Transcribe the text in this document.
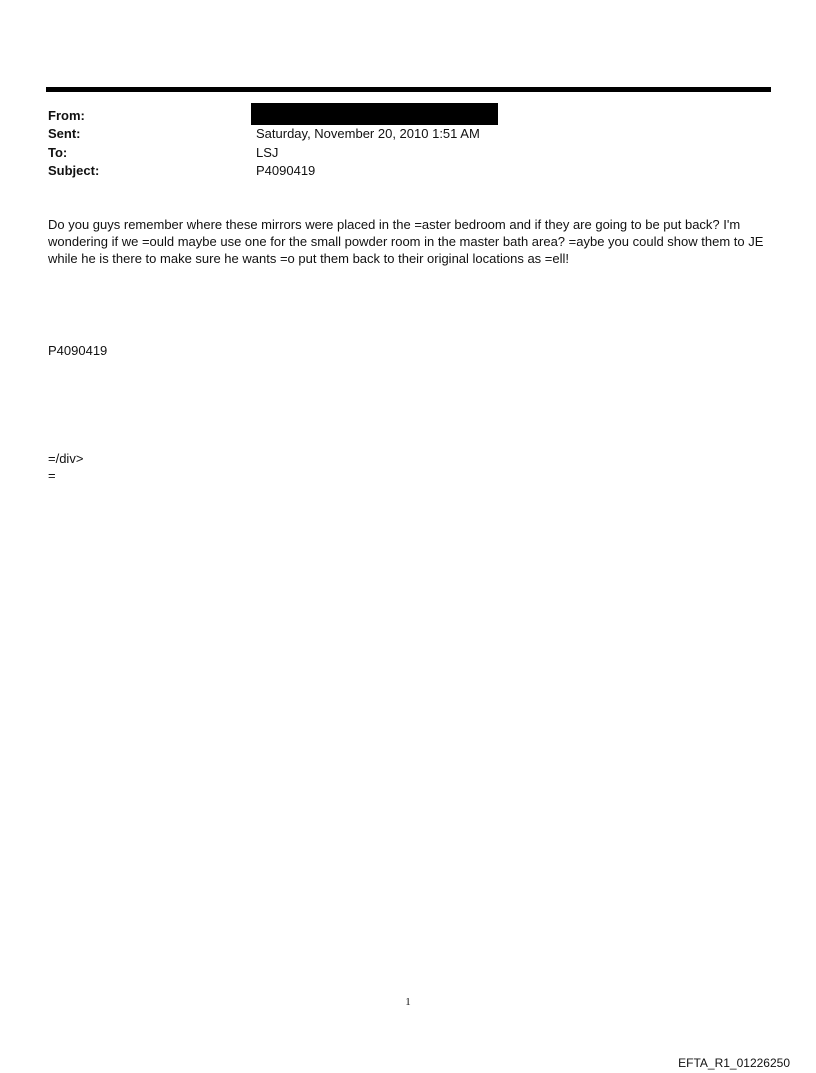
From:
Sent:	Saturday, November 20, 2010 1:51 AM
To:	LSJ
Subject:	P4090419

Do you guys remember where these mirrors were placed in the =aster bedroom and if they are going to be put back? I'm wondering if we =ould maybe use one for the small powder room in the master bath area? =aybe you could show them to JE while he is there to make sure he wants =o put them back to their original locations as =ell!

P4090419
=/div>
=
1
EFTA_R1_01226250
